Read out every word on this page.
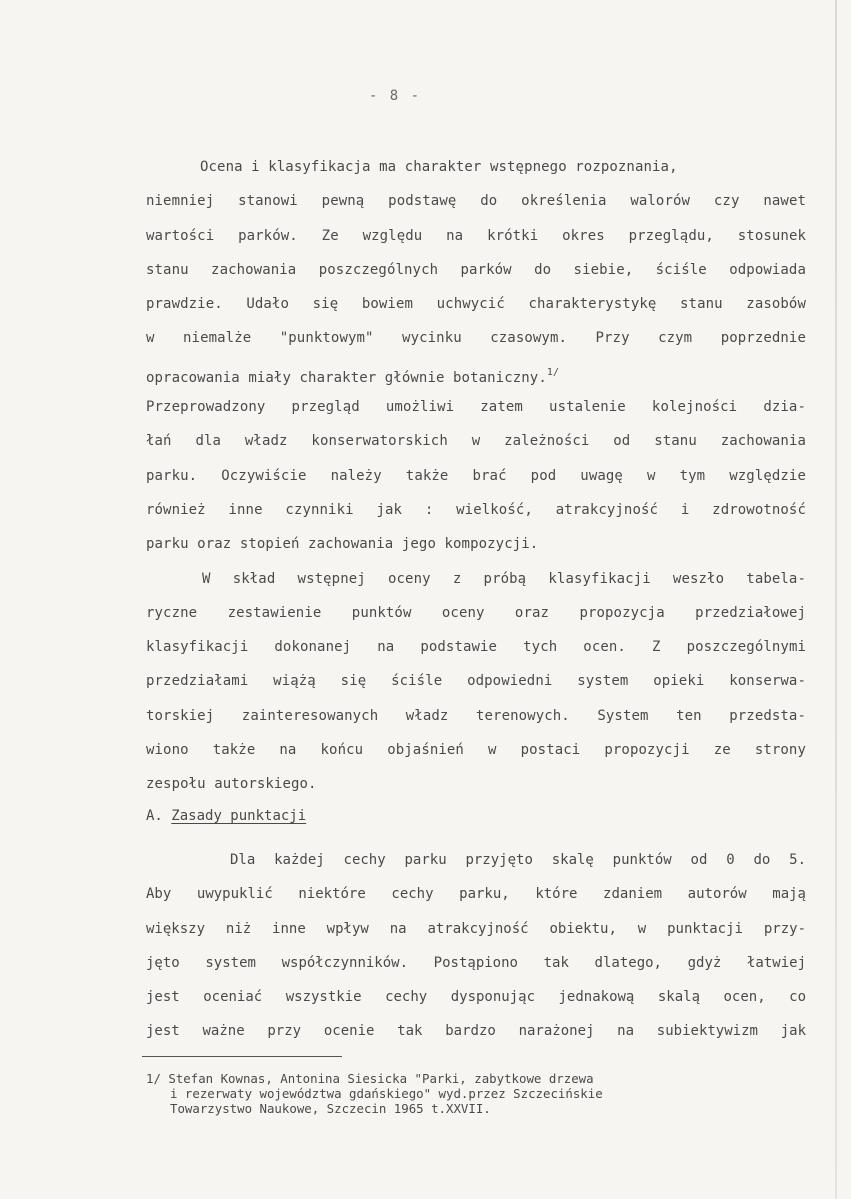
- 8 -
Ocena i klasyfikacja ma charakter wstępnego rozpoznania,
niemniej stanowi pewną podstawę do określenia walorów czy nawet
wartości parków. Ze względu na krótki okres przeglądu, stosunek
stanu zachowania poszczególnych parków do siebie, ściśle odpowiada
prawdzie. Udało się bowiem uchwycić charakterystykę stanu zasobów
w niemalże "punktowym" wycinku czasowym. Przy czym poprzednie
opracowania miały charakter głównie botaniczny.$^{1/}$
Przeprowadzony przegląd umożliwi zatem ustalenie kolejności dzia-
łań dla władz konserwatorskich w zależności od stanu zachowania
parku. Oczywiście należy także brać pod uwagę w tym względzie
również inne czynniki jak : wielkość, atrakcyjność i zdrowotność
parku oraz stopień zachowania jego kompozycji.
W skład wstępnej oceny z próbą klasyfikacji weszło tabela-
ryczne zestawienie punktów oceny oraz propozycja przedziałowej
klasyfikacji dokonanej na podstawie tych ocen. Z poszczególnymi
przedziałami wiążą się ściśle odpowiedni system opieki konserwa-
torskiej zainteresowanych władz terenowych. System ten przedsta-
wiono także na końcu objaśnień w postaci propozycji ze strony
zespołu autorskiego.
A. Zasady punktacji
Dla każdej cechy parku przyjęto skalę punktów od 0 do 5.
Aby uwypuklić niektóre cechy parku, które zdaniem autorów mają
większy niż inne wpływ na atrakcyjność obiektu, w punktacji przy-
jęto system współczynników. Postąpiono tak dlatego, gdyż łatwiej
jest oceniać wszystkie cechy dysponując jednakową skalą ocen, co
jest ważne przy ocenie tak bardzo narażonej na subiektywizm jak
1/ Stefan Kownas, Antonina Siesicka "Parki, zabytkowe drzewa
i rezerwaty województwa gdańskiego" wyd.przez Szczecińskie
Towarzystwo Naukowe, Szczecin 1965 t.XXVII.
